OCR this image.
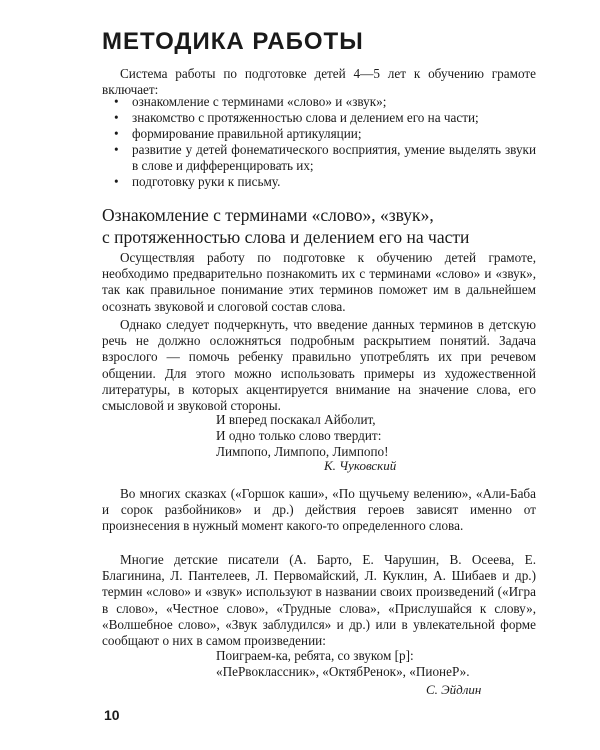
МЕТОДИКА РАБОТЫ

Система работы по подготовке детей 4—5 лет к обучению грамоте включает:

• ознакомление с терминами «слово» и «звук»;
• знакомство с протяженностью слова и делением его на части;
• формирование правильной артикуляции;
• развитие у детей фонематического восприятия, умение выделять звуки в слове и дифференцировать их;
• подготовку руки к письму.
Ознакомление с терминами «слово», «звук»,
с протяженностью слова и делением его на части

Осуществляя работу по подготовке к обучению детей грамоте, необходимо предварительно познакомить их с терминами «слово» и «звук», так как правильное понимание этих терминов поможет им в дальнейшем осознать звуковой и слоговой состав слова.

Однако следует подчеркнуть, что введение данных терминов в детскую речь не должно осложняться подробным раскрытием понятий. Задача взрослого — помочь ребенку правильно употреблять их при речевом общении. Для этого можно использовать примеры из художественной литературы, в которых акцентируется внимание на значение слова, его смысловой и звуковой стороны.

И вперед поскакал Айболит,
И одно только слово твердит:
Лимпопо, Лимпопо, Лимпопо!

К. Чуковский

Во многих сказках («Горшок каши», «По щучьему велению», «Али-Баба и сорок разбойников» и др.) действия героев зависят именно от произнесения в нужный момент какого-то определенного слова.

Многие детские писатели (А. Барто, Е. Чарушин, В. Осеева, Е. Благинина, Л. Пантелеев, Л. Первомайский, Л. Куклин, А. Шибаев и др.) термин «слово» и «звук» используют в названии своих произведений («Игра в слово», «Честное слово», «Трудные слова», «Прислушайся к слову», «Волшебное слово», «Звук заблудился» и др.) или в увлекательной форме сообщают о них в самом произведении:

Поиграем-ка, ребята, со звуком [р]:
«ПеРвоклассник», «ОктябРенок», «ПионеР».

С. Эйдлин

10
